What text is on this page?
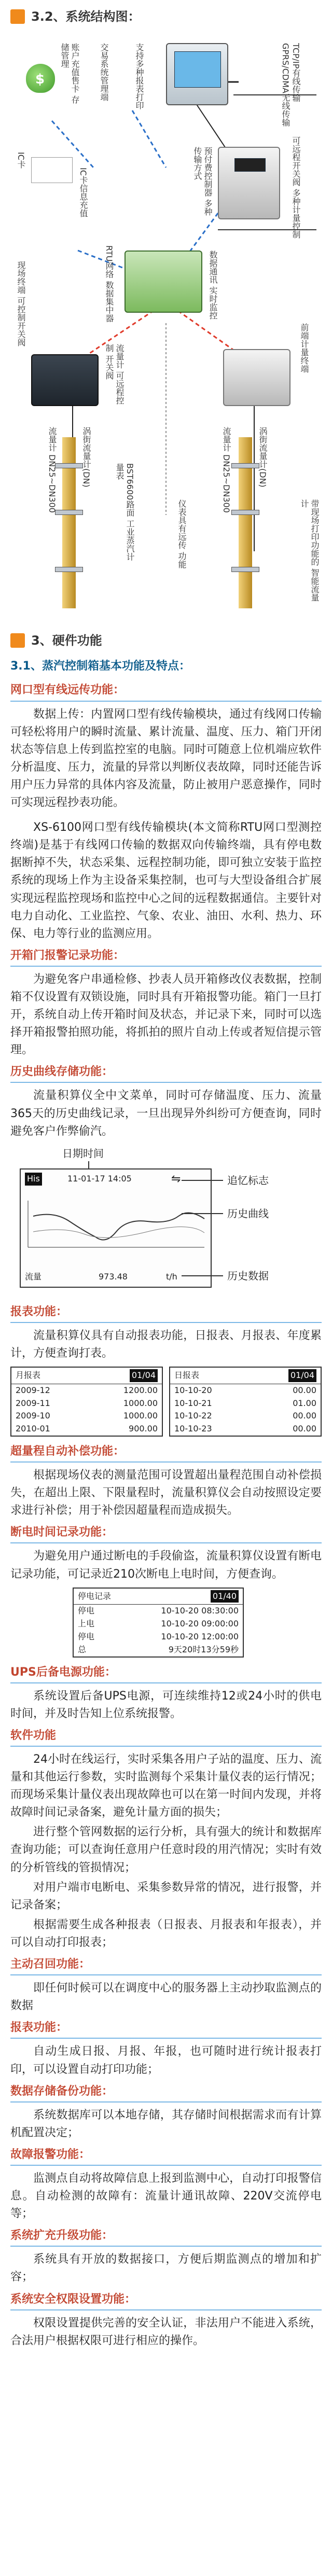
3.2、系统结构图：
TCP/IP有线传输 GPRS/CDMA无线传输
支持多种报表打印
交易系统管理端
$
账户充值售卡 存储管理
IC卡
IC卡信息充值	可远程开关阀 多种计量控制
预付费控制器 多种传输方式
RTU网络 数据集中器	数据通讯 实时监控
现场终端 可控制开关阀
流量计 可远程控制 开关阀	前端计量终端
涡街流量计(DN)
流量计 DN25~DN300	BST6600路面 工业蒸汽计量表	涡街流量计(DN)
流量计 DN25~DN300
带现场打印功能的 智能流量计
仪表具有远传 功能
3、硬件功能
3.1、蒸汽控制箱基本功能及特点：
网口型有线远传功能：

数据上传：内置网口型有线传输模块，通过有线网口传输可轻松将用户的瞬时流量、累计流量、温度、压力、箱门开闭状态等信息上传到监控室的电脑。同时可随意上位机端应软件分析温度、压力，流量的异常以判断仪表故障，同时还能告诉用户压力异常的具体内容及流量，防止被用户恶意操作，同时可实现远程抄表功能。

XS-6100网口型有线传输模块(本文简称RTU网口型测控终端)是基于有线网口传输的数据双向传输终端，具有停电数据断掉不失，状态采集、远程控制功能，即可独立安装于监控系统的现场上作为主设备采集控制，也可与大型设备组合扩展实现远程监控现场和监控中心之间的远程数据通信。主要针对电力自动化、工业监控、气象、农业、油田、水利、热力、环保、电力等行业的监测应用。

开箱门报警记录功能：

为避免客户串通检修、抄表人员开箱修改仪表数据，控制箱不仅设置有双锁设施，同时具有开箱报警功能。箱门一旦打开，系统自动上传开箱时间及状态，并记录下来，同时可以选择开箱报警拍照功能，将抓拍的照片自动上传或者短信提示管理。

历史曲线存储功能：

流量积算仪全中文菜单，同时可存储温度、压力、流量365天的历史曲线记录，一旦出现异外纠纷可方便查询，同时避免客户作弊偷汽。

日期时间
His	11-01-17 14:05	⇋
流量	973.48	t/h
追忆标志
历史曲线
历史数据
报表功能：

流量积算仪具有自动报表功能，日报表、月报表、年度累计，方便查询打表。

月报表	01/04
2009-12	1200.00
2009-11	1000.00
2009-10	1000.00
2010-01	900.00
日报表	01/04
10-10-20	00.00
10-10-21	01.00
10-10-22	00.00
10-10-23	00.00
超量程自动补偿功能：

根据现场仪表的测量范围可设置超出量程范围自动补偿损失，在超出上限、下限量程时，流量积算仪会自动按照设定要求进行补偿；用于补偿因超量程而造成损失。

断电时间记录功能：

为避免用户通过断电的手段偷盗，流量积算仪设置有断电记录功能，可记录近210次断电上电时间，方便查询。

停电记录	01/40
停电	10-10-20 08:30:00
上电	10-10-20 09:00:00
停电	10-10-20 12:00:00
总	9天20时13分59秒
UPS后备电源功能：

系统设置后备UPS电源，可连续维持12或24小时的供电时间，并及时告知上位系统报警。

软件功能

24小时在线运行，实时采集各用户子站的温度、压力、流量和其他运行参数，实时监测每个采集计量仪表的运行情况；而现场采集计量仪表出现故障也可以在第一时间内发现，并将故障时间记录备案，避免计量方面的损失；

进行整个管网数据的运行分析，具有强大的统计和数据库查询功能；可以查询任意用户任意时段的用汽情况；实时有效的分析管线的管损情况；

对用户端市电断电、采集参数异常的情况，进行报警，并记录备案；

根据需要生成各种报表（日报表、月报表和年报表），并可以自动打印报表；

主动召回功能：

即任何时候可以在调度中心的服务器上主动抄取监测点的数据

报表功能：

自动生成日报、月报、年报，也可随时进行统计报表打印，可以设置自动打印功能；

数据存储备份功能：

系统数据库可以本地存储，其存储时间根据需求而有计算机配置决定；

故障报警功能：

监测点自动将故障信息上报到监测中心，自动打印报警信息。自动检测的故障有：流量计通讯故障、220V交流停电等；

系统扩充升级功能：

系统具有开放的数据接口，方便后期监测点的增加和扩容；

系统安全权限设置功能：

权限设置提供完善的安全认证，非法用户不能进入系统，合法用户根据权限可进行相应的操作。
